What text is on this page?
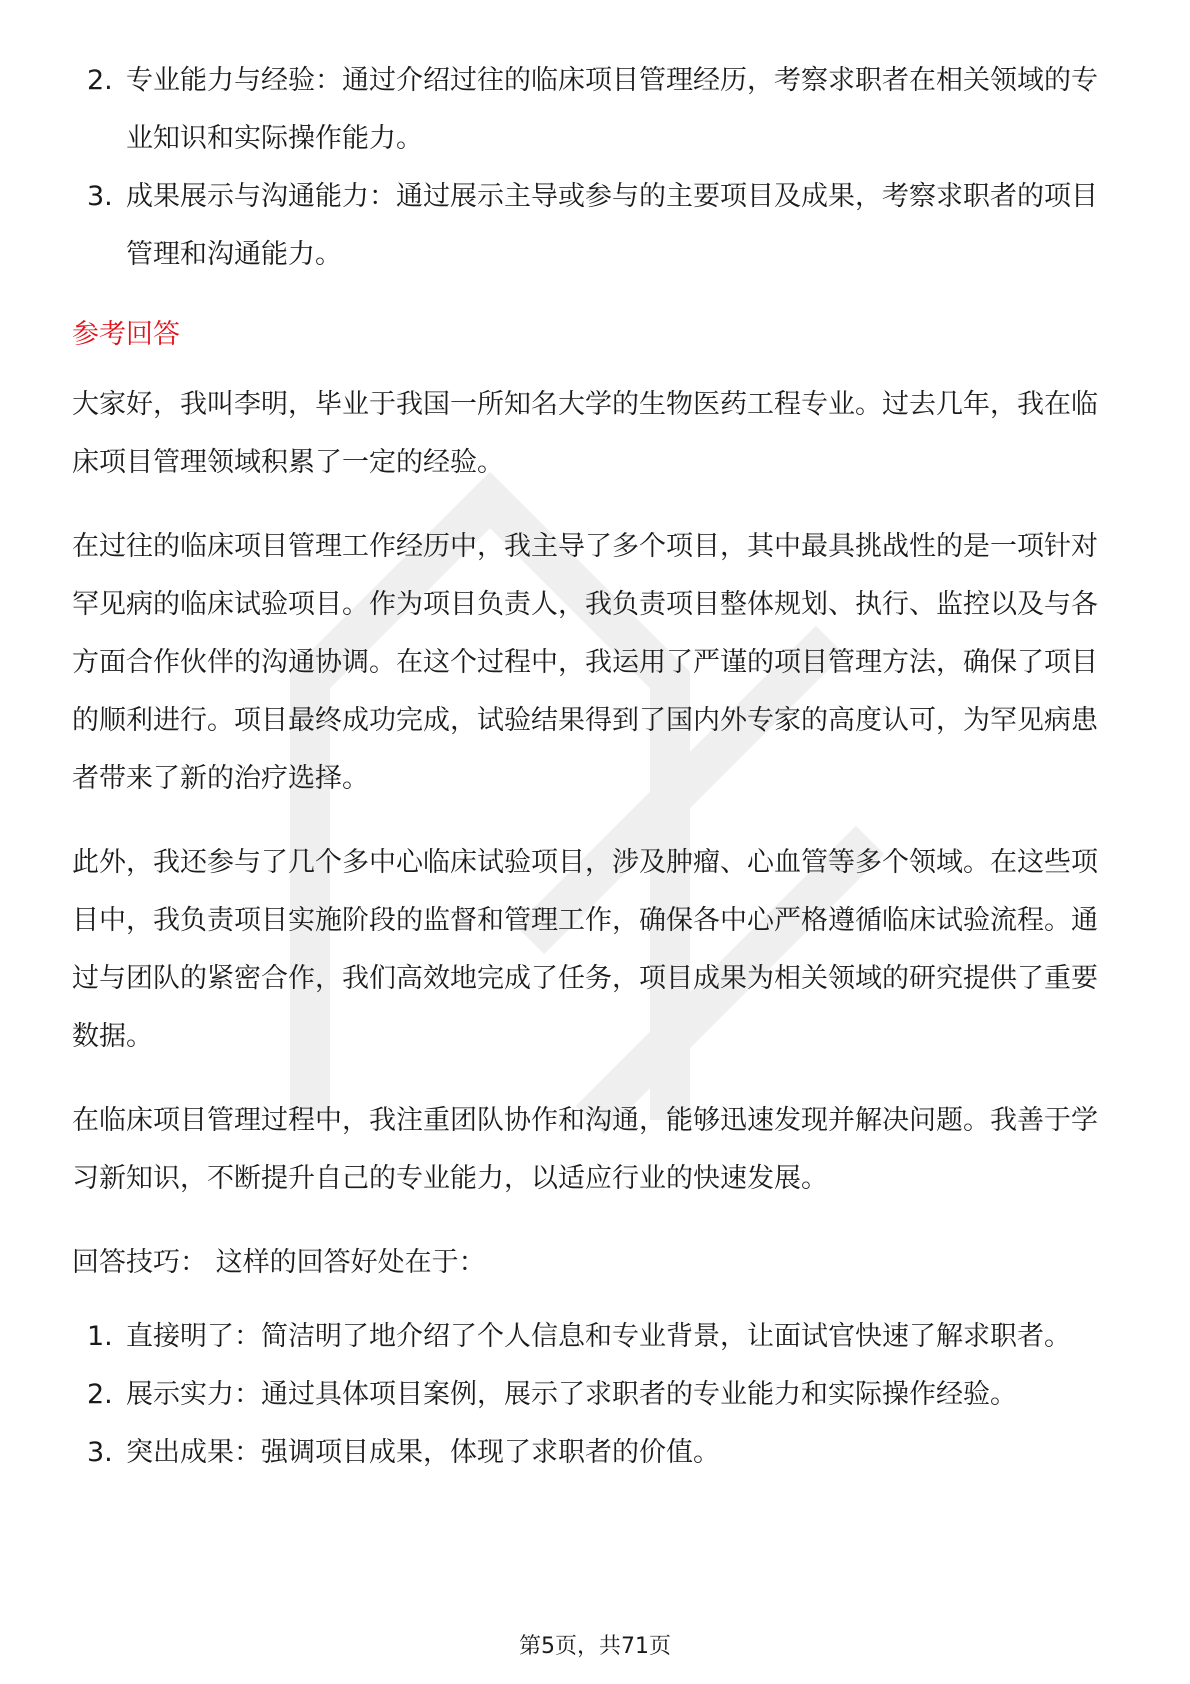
2. 专业能力与经验：通过介绍过往的临床项目管理经历，考察求职者在相关领域的专业知识和实际操作能力。
3. 成果展示与沟通能力：通过展示主导或参与的主要项目及成果，考察求职者的项目管理和沟通能力。
参考回答

大家好，我叫李明，毕业于我国一所知名大学的生物医药工程专业。过去几年，我在临床项目管理领域积累了一定的经验。

在过往的临床项目管理工作经历中，我主导了多个项目，其中最具挑战性的是一项针对罕见病的临床试验项目。作为项目负责人，我负责项目整体规划、执行、监控以及与各方面合作伙伴的沟通协调。在这个过程中，我运用了严谨的项目管理方法，确保了项目的顺利进行。项目最终成功完成，试验结果得到了国内外专家的高度认可，为罕见病患者带来了新的治疗选择。

此外，我还参与了几个多中心临床试验项目，涉及肿瘤、心血管等多个领域。在这些项目中，我负责项目实施阶段的监督和管理工作，确保各中心严格遵循临床试验流程。通过与团队的紧密合作，我们高效地完成了任务，项目成果为相关领域的研究提供了重要数据。

在临床项目管理过程中，我注重团队协作和沟通，能够迅速发现并解决问题。我善于学习新知识，不断提升自己的专业能力，以适应行业的快速发展。

回答技巧： 这样的回答好处在于：

1. 直接明了：简洁明了地介绍了个人信息和专业背景，让面试官快速了解求职者。
2. 展示实力：通过具体项目案例，展示了求职者的专业能力和实际操作经验。
3. 突出成果：强调项目成果，体现了求职者的价值。
第5页，共71页
